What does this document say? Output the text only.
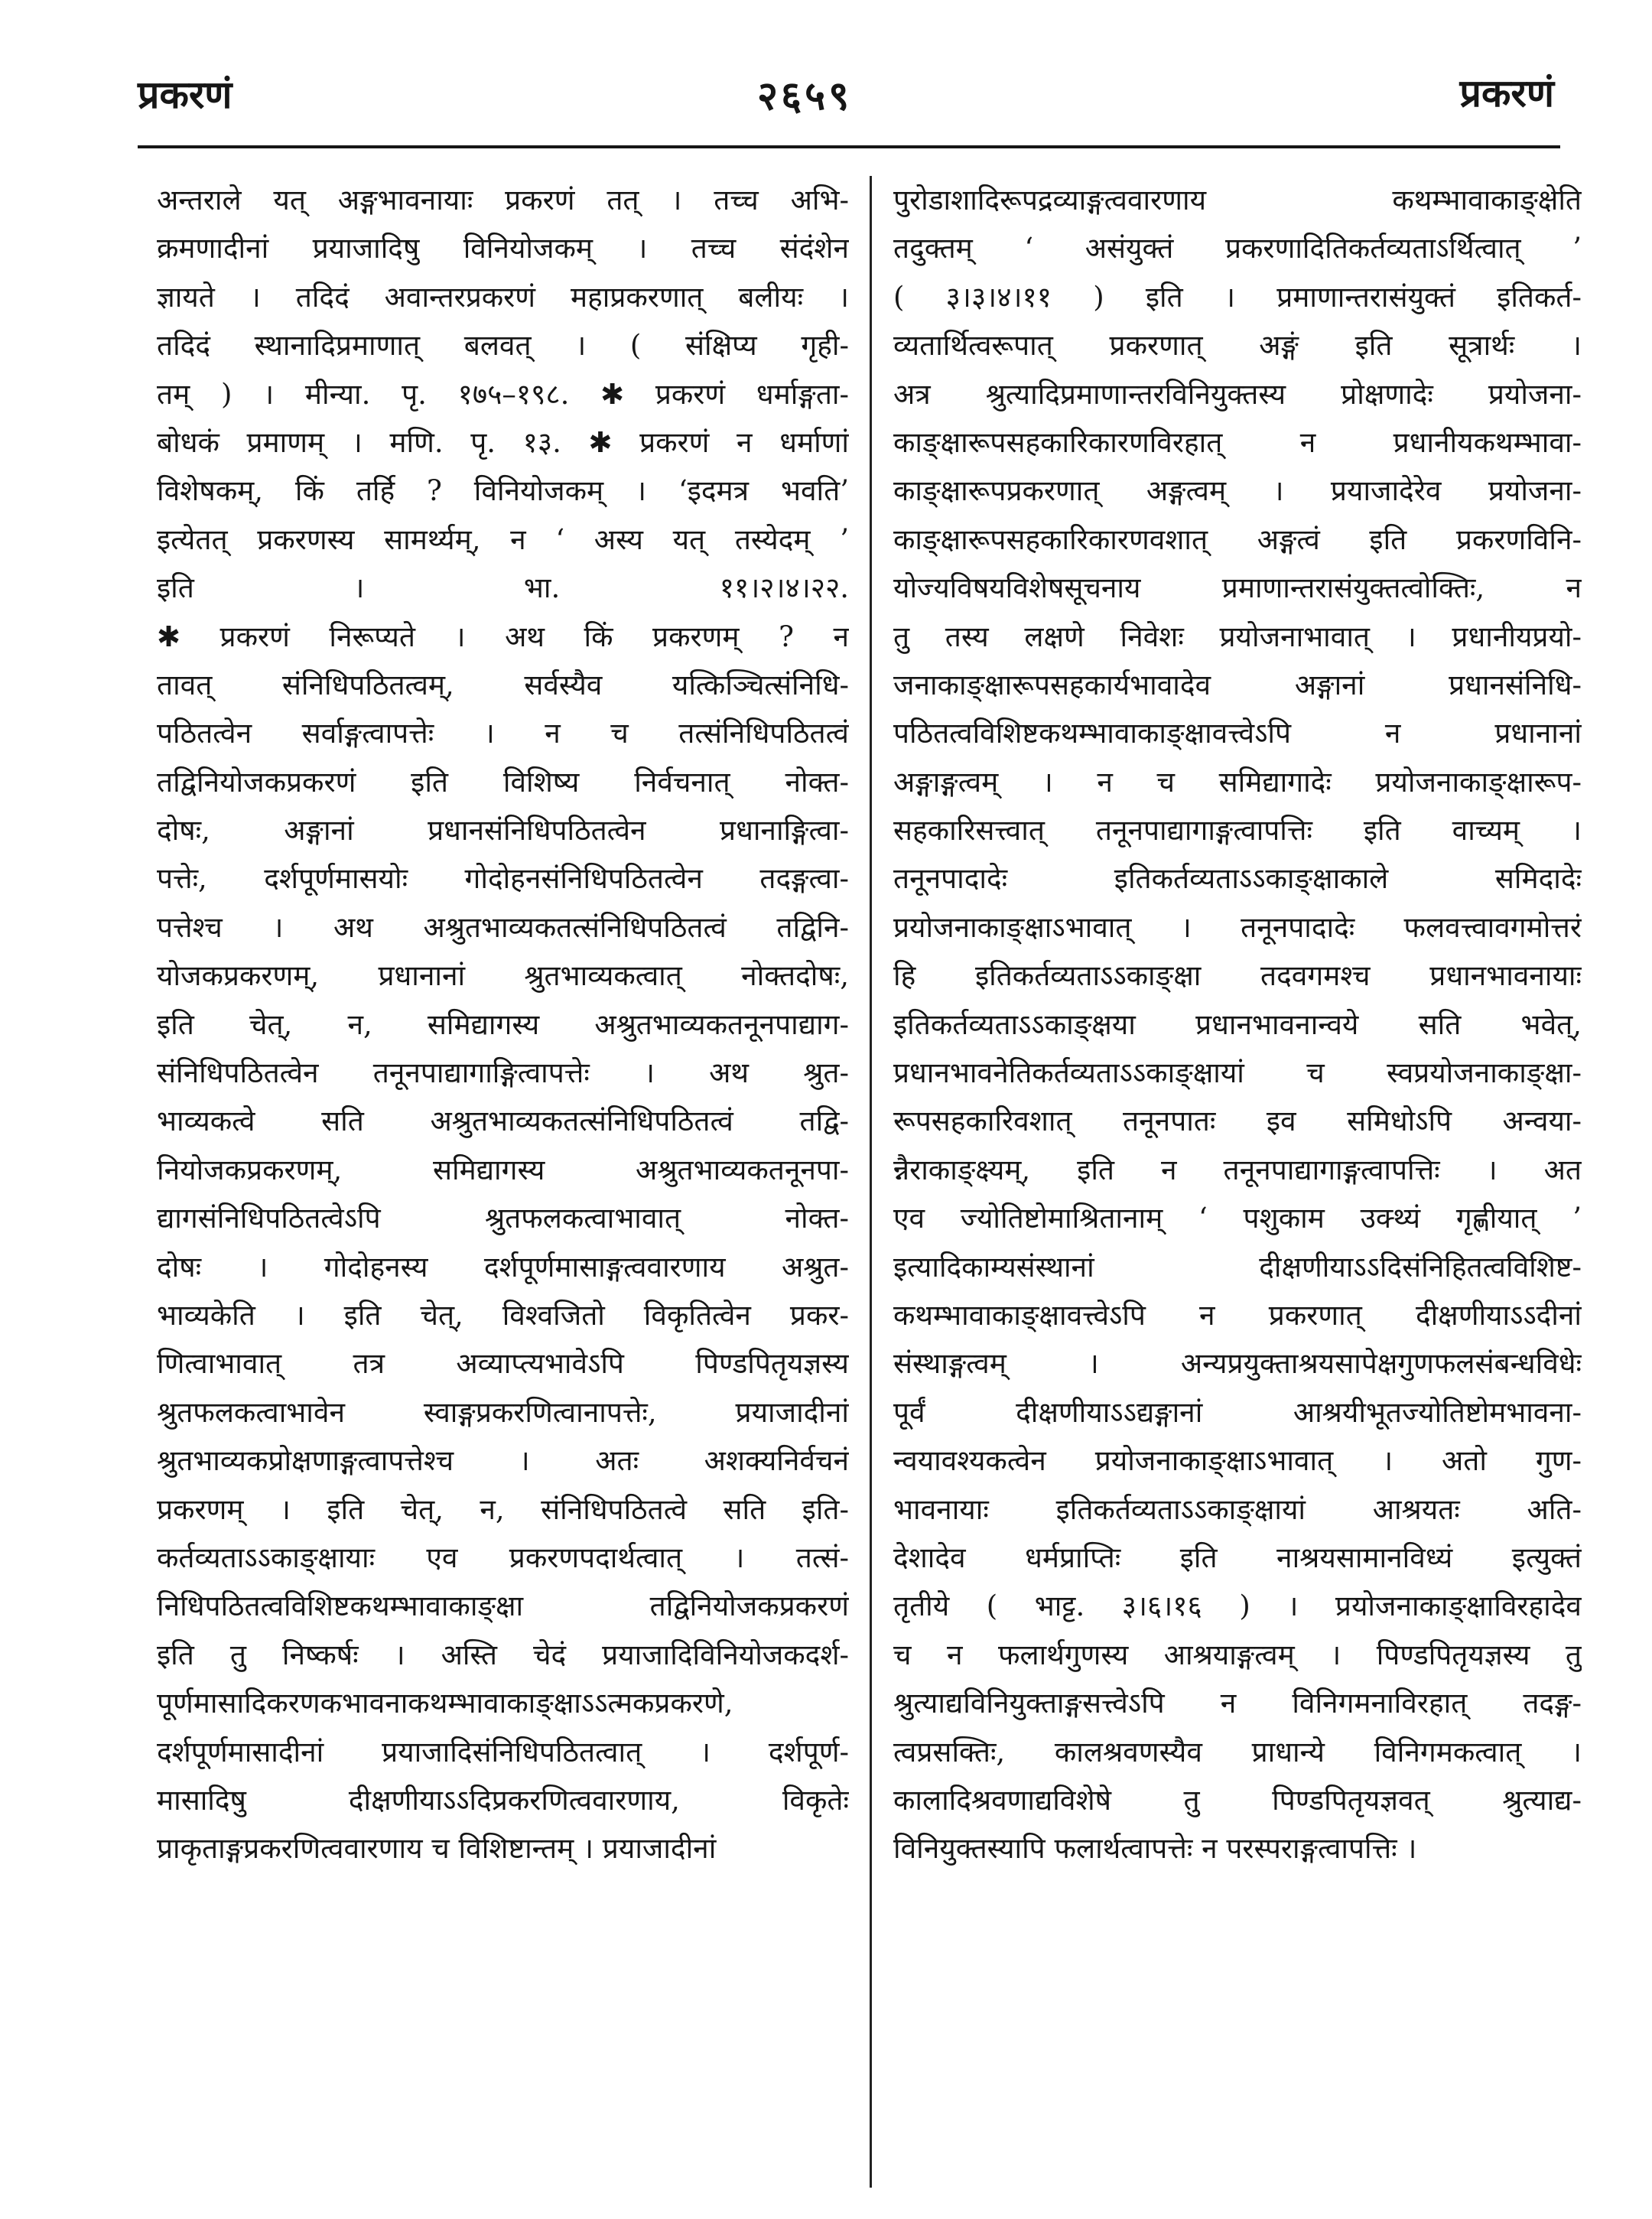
प्रकरणं	२६५९	प्रकरणं
अन्तराले यत् अङ्गभावनायाः प्रकरणं तत् । तच्च अभि-
क्रमणादीनां प्रयाजादिषु विनियोजकम् । तच्च संदंशेन
ज्ञायते । तदिदं अवान्तरप्रकरणं महाप्रकरणात् बलीयः ।
तदिदं स्थानादिप्रमाणात् बलवत् । ( संक्षिप्य गृही-
तम् ) । मीन्या. पृ. १७५–१९८. ✱ प्रकरणं धर्माङ्गता-
बोधकं प्रमाणम् । मणि. पृ. १३. ✱ प्रकरणं न धर्माणां
विशेषकम्, किं तर्हि ? विनियोजकम् । ‘इदमत्र भवति’
इत्येतत् प्रकरणस्य सामर्थ्यम्, न ‘ अस्य यत् तस्येदम् ’
इति । भा. ११।२।४।२२.
✱ प्रकरणं निरूप्यते । अथ किं प्रकरणम् ? न
तावत् संनिधिपठितत्वम्, सर्वस्यैव यत्किञ्चित्संनिधि-
पठितत्वेन सर्वाङ्गत्वापत्तेः । न च तत्संनिधिपठितत्वं
तद्विनियोजकप्रकरणं इति विशिष्य निर्वचनात् नोक्त-
दोषः, अङ्गानां प्रधानसंनिधिपठितत्वेन प्रधानाङ्गित्वा-
पत्तेः, दर्शपूर्णमासयोः गोदोहनसंनिधिपठितत्वेन तदङ्गत्वा-
पत्तेश्च । अथ अश्रुतभाव्यकतत्संनिधिपठितत्वं तद्विनि-
योजकप्रकरणम्, प्रधानानां श्रुतभाव्यकत्वात् नोक्तदोषः,
इति चेत्, न, समिद्यागस्य अश्रुतभाव्यकतनूनपाद्याग-
संनिधिपठितत्वेन तनूनपाद्यागाङ्गित्वापत्तेः । अथ श्रुत-
भाव्यकत्वे सति अश्रुतभाव्यकतत्संनिधिपठितत्वं तद्वि-
नियोजकप्रकरणम्, समिद्यागस्य अश्रुतभाव्यकतनूनपा-
द्यागसंनिधिपठितत्वेऽपि श्रुतफलकत्वाभावात् नोक्त-
दोषः । गोदोहनस्य दर्शपूर्णमासाङ्गत्ववारणाय अश्रुत-
भाव्यकेति । इति चेत्, विश्वजितो विकृतित्वेन प्रकर-
णित्वाभावात् तत्र अव्याप्त्यभावेऽपि पिण्डपितृयज्ञस्य
श्रुतफलकत्वाभावेन स्वाङ्गप्रकरणित्वानापत्तेः, प्रयाजादीनां
श्रुतभाव्यकप्रोक्षणाङ्गत्वापत्तेश्च । अतः अशक्यनिर्वचनं
प्रकरणम् । इति चेत्, न, संनिधिपठितत्वे सति इति-
कर्तव्यताऽऽकाङ्क्षायाः एव प्रकरणपदार्थत्वात् । तत्सं-
निधिपठितत्वविशिष्टकथम्भावाकाङ्क्षा तद्विनियोजकप्रकरणं
इति तु निष्कर्षः । अस्ति चेदं प्रयाजादिविनियोजकदर्श-
पूर्णमासादिकरणकभावनाकथम्भावाकाङ्क्षाऽऽत्मकप्रकरणे,
दर्शपूर्णमासादीनां प्रयाजादिसंनिधिपठितत्वात् । दर्शपूर्ण-
मासादिषु दीक्षणीयाऽऽदिप्रकरणित्ववारणाय, विकृतेः
प्राकृताङ्गप्रकरणित्ववारणाय च विशिष्टान्तम् । प्रयाजादीनां
पुरोडाशादिरूपद्रव्याङ्गत्ववारणाय कथम्भावाकाङ्क्षेति
तदुक्तम् ‘ असंयुक्तं प्रकरणादितिकर्तव्यताऽर्थित्वात् ’
( ३।३।४।११ ) इति । प्रमाणान्तरासंयुक्तं इतिकर्त-
व्यतार्थित्वरूपात् प्रकरणात् अङ्गं इति सूत्रार्थः ।
अत्र श्रुत्यादिप्रमाणान्तरविनियुक्तस्य प्रोक्षणादेः प्रयोजना-
काङ्क्षारूपसहकारिकारणविरहात् न प्रधानीयकथम्भावा-
काङ्क्षारूपप्रकरणात् अङ्गत्वम् । प्रयाजादेरेव प्रयोजना-
काङ्क्षारूपसहकारिकारणवशात् अङ्गत्वं इति प्रकरणविनि-
योज्यविषयविशेषसूचनाय प्रमाणान्तरासंयुक्तत्वोक्तिः, न
तु तस्य लक्षणे निवेशः प्रयोजनाभावात् । प्रधानीयप्रयो-
जनाकाङ्क्षारूपसहकार्यभावादेव अङ्गानां प्रधानसंनिधि-
पठितत्वविशिष्टकथम्भावाकाङ्क्षावत्त्वेऽपि न प्रधानानां
अङ्गाङ्गत्वम् । न च समिद्यागादेः प्रयोजनाकाङ्क्षारूप-
सहकारिसत्त्वात् तनूनपाद्यागाङ्गत्वापत्तिः इति वाच्यम् ।
तनूनपादादेः इतिकर्तव्यताऽऽकाङ्क्षाकाले समिदादेः
प्रयोजनाकाङ्क्षाऽभावात् । तनूनपादादेः फलवत्त्वावगमोत्तरं
हि इतिकर्तव्यताऽऽकाङ्क्षा तदवगमश्च प्रधानभावनायाः
इतिकर्तव्यताऽऽकाङ्क्षया प्रधानभावनान्वये सति भवेत्,
प्रधानभावनेतिकर्तव्यताऽऽकाङ्क्षायां च स्वप्रयोजनाकाङ्क्षा-
रूपसहकारिवशात् तनूनपातः इव समिधोऽपि अन्वया-
न्नैराकाङ्क्ष्यम्, इति न तनूनपाद्यागाङ्गत्वापत्तिः । अत
एव ज्योतिष्टोमाश्रितानाम् ‘ पशुकाम उक्थ्यं गृह्णीयात् ’
इत्यादिकाम्यसंस्थानां दीक्षणीयाऽऽदिसंनिहितत्वविशिष्ट-
कथम्भावाकाङ्क्षावत्त्वेऽपि न प्रकरणात् दीक्षणीयाऽऽदीनां
संस्थाङ्गत्वम् । अन्यप्रयुक्ताश्रयसापेक्षगुणफलसंबन्धविधेः
पूर्वं दीक्षणीयाऽऽद्यङ्गानां आश्रयीभूतज्योतिष्टोमभावना-
न्वयावश्यकत्वेन प्रयोजनाकाङ्क्षाऽभावात् । अतो गुण-
भावनायाः इतिकर्तव्यताऽऽकाङ्क्षायां आश्रयतः अति-
देशादेव धर्मप्राप्तिः इति नाश्रयसामानविध्यं इत्युक्तं
तृतीये ( भाट्ट. ३।६।१६ ) । प्रयोजनाकाङ्क्षाविरहादेव
च न फलार्थगुणस्य आश्रयाङ्गत्वम् । पिण्डपितृयज्ञस्य तु
श्रुत्याद्यविनियुक्ताङ्गसत्त्वेऽपि न विनिगमनाविरहात् तदङ्ग-
त्वप्रसक्तिः, कालश्रवणस्यैव प्राधान्ये विनिगमकत्वात् ।
कालादिश्रवणाद्यविशेषे तु पिण्डपितृयज्ञवत् श्रुत्याद्य-
विनियुक्तस्यापि फलार्थत्वापत्तेः न परस्पराङ्गत्वापत्तिः ।
